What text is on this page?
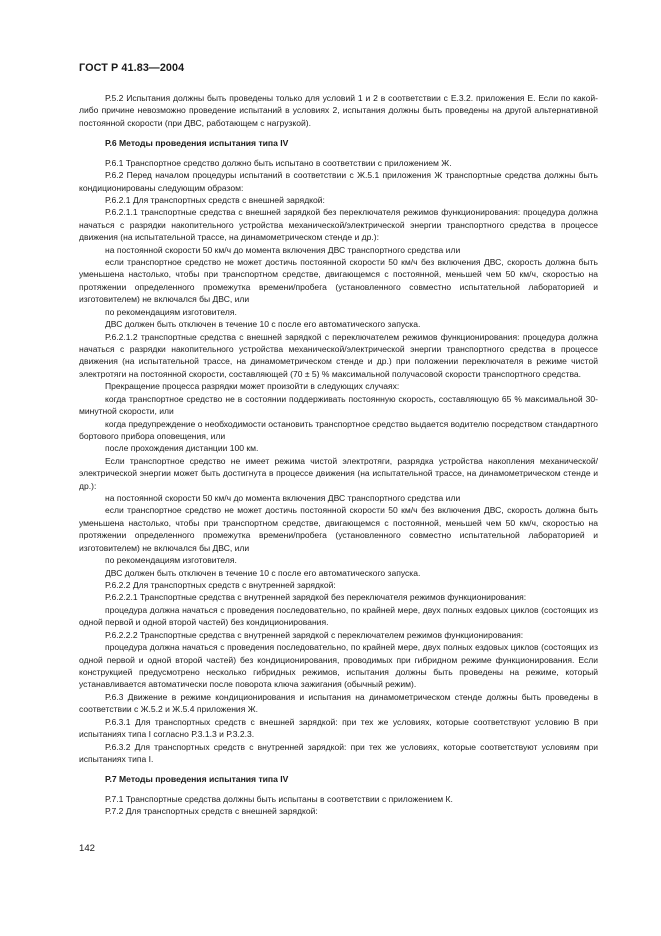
ГОСТ Р 41.83—2004

Р.5.2 Испытания должны быть проведены только для условий 1 и 2 в соответствии с Е.3.2. приложения Е. Если по какой-либо причине невозможно проведение испытаний в условиях 2, испытания должны быть проведены на другой альтернативной постоянной скорости (при ДВС, работающем с нагрузкой).

Р.6 Методы проведения испытания типа IV

Р.6.1 Транспортное средство должно быть испытано в соответствии с приложением Ж.

Р.6.2 Перед началом процедуры испытаний в соответствии с Ж.5.1 приложения Ж транспортные средства должны быть кондиционированы следующим образом:

Р.6.2.1 Для транспортных средств с внешней зарядкой:

Р.6.2.1.1 транспортные средства с внешней зарядкой без переключателя режимов функционирования: процедура должна начаться с разрядки накопительного устройства механической/электрической энергии транспортного средства в процессе движения (на испытательной трассе, на динамометрическом стенде и др.):

на постоянной скорости 50 км/ч до момента включения ДВС транспортного средства или

если транспортное средство не может достичь постоянной скорости 50 км/ч без включения ДВС, скорость должна быть уменьшена настолько, чтобы при транспортном средстве, двигающемся с постоянной, меньшей чем 50 км/ч, скоростью на протяжении определенного промежутка времени/пробега (установленного совместно испытательной лабораторией и изготовителем) не включался бы ДВС, или

по рекомендациям изготовителя.

ДВС должен быть отключен в течение 10 с после его автоматического запуска.

Р.6.2.1.2 транспортные средства с внешней зарядкой с переключателем режимов функционирования: процедура должна начаться с разрядки накопительного устройства механической/электрической энергии транспортного средства в процессе движения (на испытательной трассе, на динамометрическом стенде и др.) при положении переключателя в режиме чистой электротяги на постоянной скорости, составляющей (70 ± 5) % максимальной получасовой скорости транспортного средства.

Прекращение процесса разрядки может произойти в следующих случаях:

когда транспортное средство не в состоянии поддерживать постоянную скорость, составляющую 65 % максимальной 30-минутной скорости, или

когда предупреждение о необходимости остановить транспортное средство выдается водителю посредством стандартного бортового прибора оповещения, или

после прохождения дистанции 100 км.

Если транспортное средство не имеет режима чистой электротяги, разрядка устройства накопления механической/электрической энергии может быть достигнута в процессе движения (на испытательной трассе, на динамометрическом стенде и др.):

на постоянной скорости 50 км/ч до момента включения ДВС транспортного средства или

если транспортное средство не может достичь постоянной скорости 50 км/ч без включения ДВС, скорость должна быть уменьшена настолько, чтобы при транспортном средстве, двигающемся с постоянной, меньшей чем 50 км/ч, скоростью на протяжении определенного промежутка времени/пробега (установленного совместно испытательной лабораторией и изготовителем) не включался бы ДВС, или

по рекомендациям изготовителя.

ДВС должен быть отключен в течение 10 с после его автоматического запуска.

Р.6.2.2 Для транспортных средств с внутренней зарядкой:

Р.6.2.2.1 Транспортные средства с внутренней зарядкой без переключателя режимов функционирования:

процедура должна начаться с проведения последовательно, по крайней мере, двух полных ездовых циклов (состоящих из одной первой и одной второй частей) без кондиционирования.

Р.6.2.2.2 Транспортные средства с внутренней зарядкой с переключателем режимов функционирования:

процедура должна начаться с проведения последовательно, по крайней мере, двух полных ездовых циклов (состоящих из одной первой и одной второй частей) без кондиционирования, проводимых при гибридном режиме функционирования. Если конструкцией предусмотрено несколько гибридных режимов, испытания должны быть проведены на режиме, который устанавливается автоматически после поворота ключа зажигания (обычный режим).

Р.6.3 Движение в режиме кондиционирования и испытания на динамометрическом стенде должны быть проведены в соответствии с Ж.5.2 и Ж.5.4 приложения Ж.

Р.6.3.1 Для транспортных средств с внешней зарядкой: при тех же условиях, которые соответствуют условию В при испытаниях типа I согласно Р.3.1.3 и Р.3.2.3.

Р.6.3.2 Для транспортных средств с внутренней зарядкой: при тех же условиях, которые соответствуют условиям при испытаниях типа I.

Р.7 Методы проведения испытания типа IV

Р.7.1 Транспортные средства должны быть испытаны в соответствии с приложением К.

Р.7.2 Для транспортных средств с внешней зарядкой:

142
